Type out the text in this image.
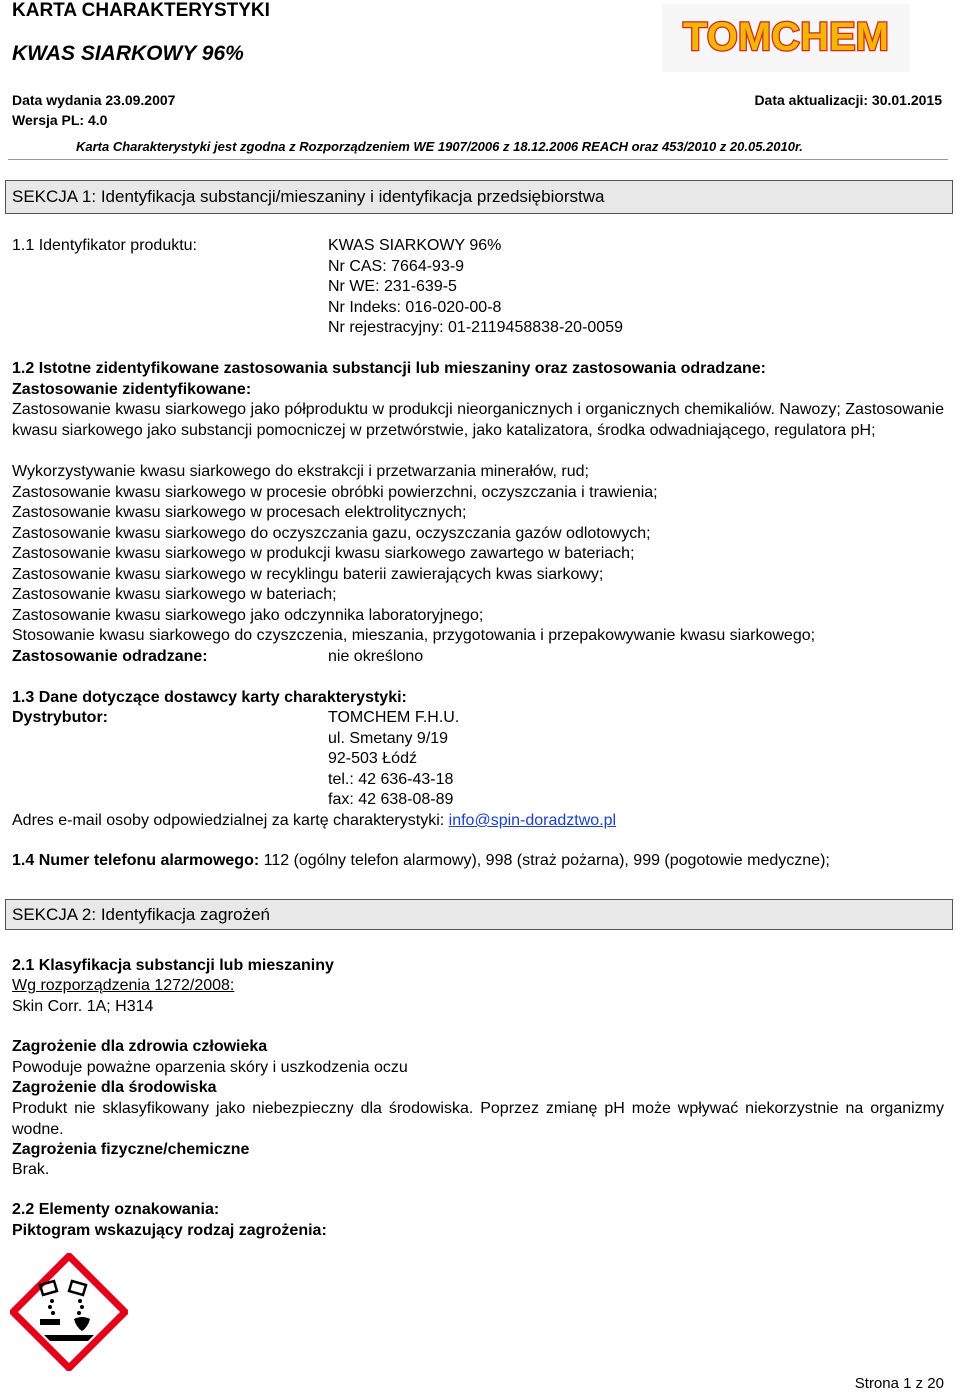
KARTA CHARAKTERYSTYKI
KWAS SIARKOWY 96%	TOMCHEM
Data wydania 23.09.2007	Data aktualizacji: 30.01.2015
Wersja PL: 4.0
Karta Charakterystyki jest zgodna z Rozporządzeniem WE 1907/2006 z 18.12.2006 REACH oraz 453/2010 z 20.05.2010r.
SEKCJA 1: Identyfikacja substancji/mieszaniny i identyfikacja przedsiębiorstwa
1.1 Identyfikator produktu:	KWAS SIARKOWY 96%
Nr CAS: 7664-93-9
Nr WE: 231-639-5
Nr Indeks: 016-020-00-8
Nr rejestracyjny: 01-2119458838-20-0059
1.2 Istotne zidentyfikowane zastosowania substancji lub mieszaniny oraz zastosowania odradzane:
Zastosowanie zidentyfikowane:
Zastosowanie kwasu siarkowego jako półproduktu w produkcji nieorganicznych i organicznych chemikaliów. Nawozy; Zastosowanie kwasu siarkowego jako substancji pomocniczej w przetwórstwie, jako katalizatora, środka odwadniającego, regulatora pH;
Wykorzystywanie kwasu siarkowego do ekstrakcji i przetwarzania minerałów, rud;
Zastosowanie kwasu siarkowego w procesie obróbki powierzchni, oczyszczania i trawienia;
Zastosowanie kwasu siarkowego w procesach elektrolitycznych;
Zastosowanie kwasu siarkowego do oczyszczania gazu, oczyszczania gazów odlotowych;
Zastosowanie kwasu siarkowego w produkcji kwasu siarkowego zawartego w bateriach;
Zastosowanie kwasu siarkowego w recyklingu baterii zawierających kwas siarkowy;
Zastosowanie kwasu siarkowego w bateriach;
Zastosowanie kwasu siarkowego jako odczynnika laboratoryjnego;
Stosowanie kwasu siarkowego do czyszczenia, mieszania, przygotowania i przepakowywanie kwasu siarkowego;
Zastosowanie odradzane:	nie określono
1.3 Dane dotyczące dostawcy karty charakterystyki:
Dystrybutor:	TOMCHEM F.H.U.
ul. Smetany 9/19
92-503 Łódź
tel.: 42 636-43-18
fax: 42 638-08-89
Adres e-mail osoby odpowiedzialnej za kartę charakterystyki: info@spin-doradztwo.pl
1.4 Numer telefonu alarmowego: 112 (ogólny telefon alarmowy), 998 (straż pożarna), 999 (pogotowie medyczne);
SEKCJA 2: Identyfikacja zagrożeń
2.1 Klasyfikacja substancji lub mieszaniny
Wg rozporządzenia 1272/2008:
Skin Corr. 1A; H314
Zagrożenie dla zdrowia człowieka
Powoduje poważne oparzenia skóry i uszkodzenia oczu
Zagrożenie dla środowiska
Produkt nie sklasyfikowany jako niebezpieczny dla środowiska. Poprzez zmianę pH może wpływać niekorzystnie na organizmy wodne.
Zagrożenia fizyczne/chemiczne
Brak.
2.2 Elementy oznakowania:
Piktogram wskazujący rodzaj zagrożenia:
Strona 1 z 20
